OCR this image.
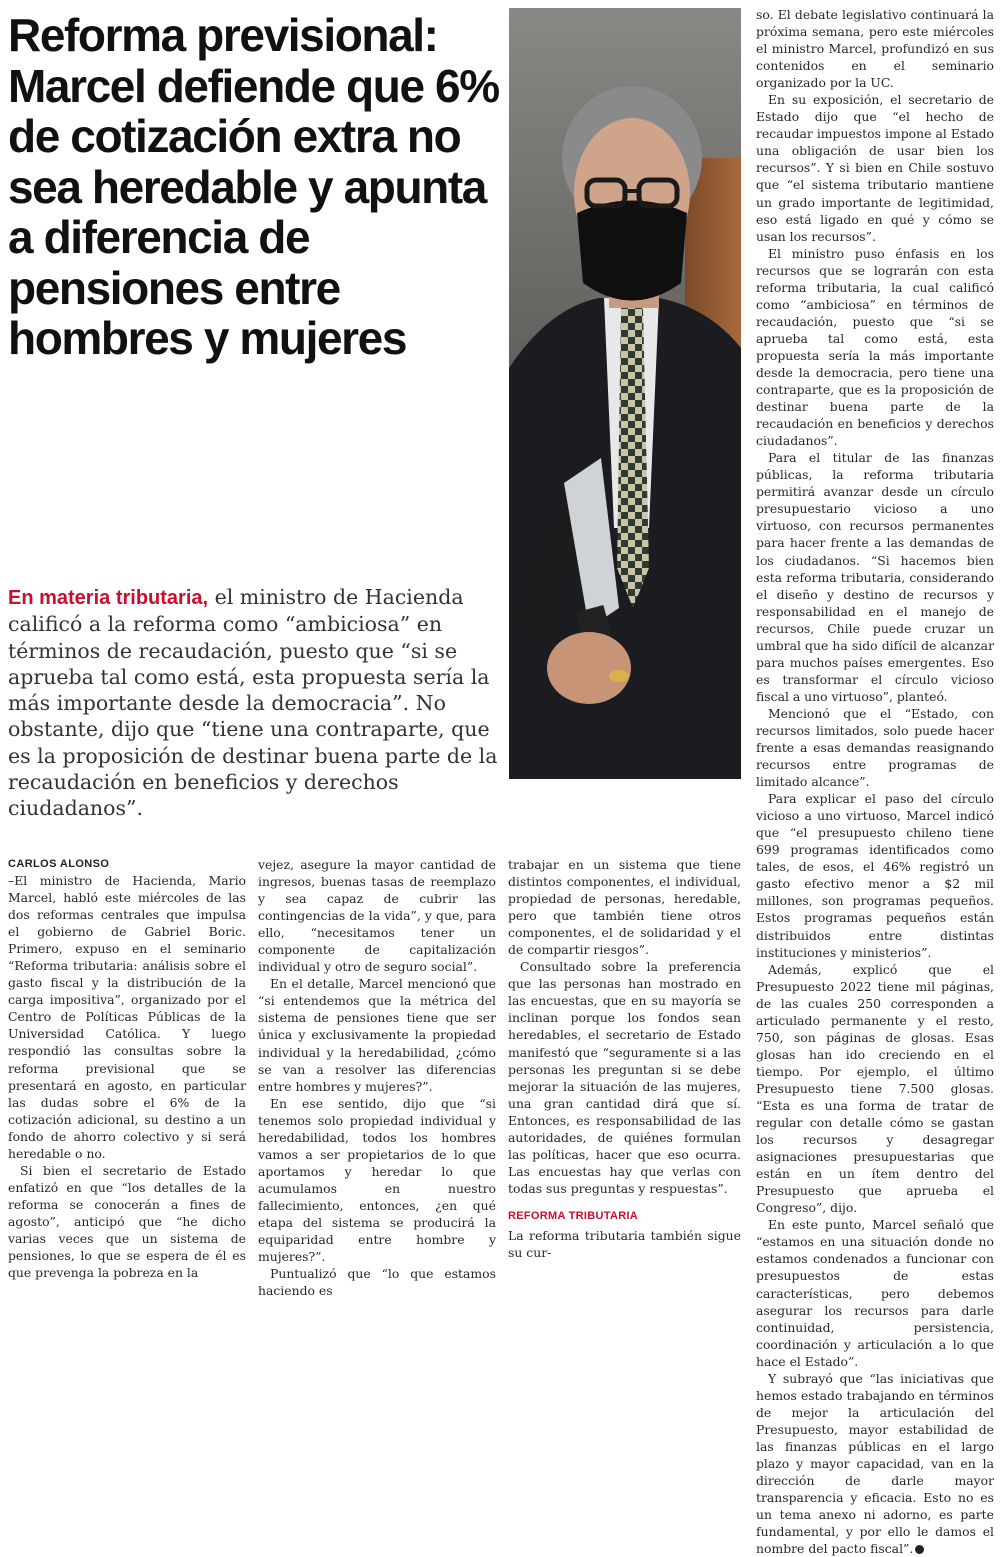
Reforma previsional: Marcel defiende que 6% de cotización extra no sea heredable y apunta a diferencia de pensiones entre hombres y mujeres

En materia tributaria, el ministro de Hacienda calificó a la reforma como “ambiciosa” en términos de recaudación, puesto que “si se aprueba tal como está, esta propuesta sería la más importante desde la democracia”. No obstante, dijo que “tiene una contraparte, que es la proposición de destinar buena parte de la recaudación en beneficios y derechos ciudadanos”.

CARLOS ALONSO

–El ministro de Hacienda, Mario Marcel, habló este miércoles de las dos reformas centrales que impulsa el gobierno de Gabriel Boric. Primero, expuso en el seminario “Reforma tributaria: análisis sobre el gasto fiscal y la distribución de la carga impositiva”, organizado por el Centro de Políticas Públicas de la Universidad Católica. Y luego respondió las consultas sobre la reforma previsional que se presentará en agosto, en particular las dudas sobre el 6% de la cotización adicional, su destino a un fondo de ahorro colectivo y si será heredable o no.

Si bien el secretario de Estado enfatizó en que “los detalles de la reforma se conocerán a fines de agosto”, anticipó que “he dicho varias veces que un sistema de pensiones, lo que se espera de él es que prevenga la pobreza en la

vejez, asegure la mayor cantidad de ingresos, buenas tasas de reemplazo y sea capaz de cubrir las contingencias de la vida”, y que, para ello, “necesitamos tener un componente de capitalización individual y otro de seguro social”.

En el detalle, Marcel mencionó que “si entendemos que la métrica del sistema de pensiones tiene que ser única y exclusivamente la propiedad individual y la heredabilidad, ¿cómo se van a resolver las diferencias entre hombres y mujeres?”.

En ese sentido, dijo que “si tenemos solo propiedad individual y heredabilidad, todos los hombres vamos a ser propietarios de lo que aportamos y heredar lo que acumulamos en nuestro fallecimiento, entonces, ¿en qué etapa del sistema se producirá la equiparidad entre hombre y mujeres?”.

Puntualizó que “lo que estamos haciendo es

trabajar en un sistema que tiene distintos componentes, el individual, propiedad de personas, heredable, pero que también tiene otros componentes, el de solidaridad y el de compartir riesgos”.

Consultado sobre la preferencia que las personas han mostrado en las encuestas, que en su mayoría se inclinan porque los fondos sean heredables, el secretario de Estado manifestó que “seguramente si a las personas les preguntan si se debe mejorar la situación de las mujeres, una gran cantidad dirá que sí. Entonces, es responsabilidad de las autoridades, de quiénes formulan las políticas, hacer que eso ocurra. Las encuestas hay que verlas con todas sus preguntas y respuestas”.

REFORMA TRIBUTARIA

La reforma tributaria también sigue su cur-

so. El debate legislativo continuará la próxima semana, pero este miércoles el ministro Marcel, profundizó en sus contenidos en el seminario organizado por la UC.

En su exposición, el secretario de Estado dijo que “el hecho de recaudar impuestos impone al Estado una obligación de usar bien los recursos”. Y si bien en Chile sostuvo que “el sistema tributario mantiene un grado importante de legitimidad, eso está ligado en qué y cómo se usan los recursos”.

El ministro puso énfasis en los recursos que se lograrán con esta reforma tributaria, la cual calificó como “ambiciosa” en términos de recaudación, puesto que “si se aprueba tal como está, esta propuesta sería la más importante desde la democracia, pero tiene una contraparte, que es la proposición de destinar buena parte de la recaudación en beneficios y derechos ciudadanos”.

Para el titular de las finanzas públicas, la reforma tributaria permitirá avanzar desde un círculo presupuestario vicioso a uno virtuoso, con recursos permanentes para hacer frente a las demandas de los ciudadanos. “Si hacemos bien esta reforma tributaria, considerando el diseño y destino de recursos y responsabilidad en el manejo de recursos, Chile puede cruzar un umbral que ha sido difícil de alcanzar para muchos países emergentes. Eso es transformar el círculo vicioso fiscal a uno virtuoso”, planteó.

Mencionó que el “Estado, con recursos limitados, solo puede hacer frente a esas demandas reasignando recursos entre programas de limitado alcance”.

Para explicar el paso del círculo vicioso a uno virtuoso, Marcel indicó que “el presupuesto chileno tiene 699 programas identificados como tales, de esos, el 46% registró un gasto efectivo menor a $2 mil millones, son programas pequeños. Estos programas pequeños están distribuidos entre distintas instituciones y ministerios”.

Además, explicó que el Presupuesto 2022 tiene mil páginas, de las cuales 250 corresponden a articulado permanente y el resto, 750, son páginas de glosas. Esas glosas han ido creciendo en el tiempo. Por ejemplo, el último Presupuesto tiene 7.500 glosas. “Esta es una forma de tratar de regular con detalle cómo se gastan los recursos y desagregar asignaciones presupuestarias que están en un ítem dentro del Presupuesto que aprueba el Congreso”, dijo.

En este punto, Marcel señaló que “estamos en una situación donde no estamos condenados a funcionar con presupuestos de estas características, pero debemos asegurar los recursos para darle continuidad, persistencia, coordinación y articulación a lo que hace el Estado”.

Y subrayó que “las iniciativas que hemos estado trabajando en términos de mejor la articulación del Presupuesto, mayor estabilidad de las finanzas públicas en el largo plazo y mayor capacidad, van en la dirección de darle mayor transparencia y eficacia. Esto no es un tema anexo ni adorno, es parte fundamental, y por ello le damos el nombre del pacto fiscal”.
